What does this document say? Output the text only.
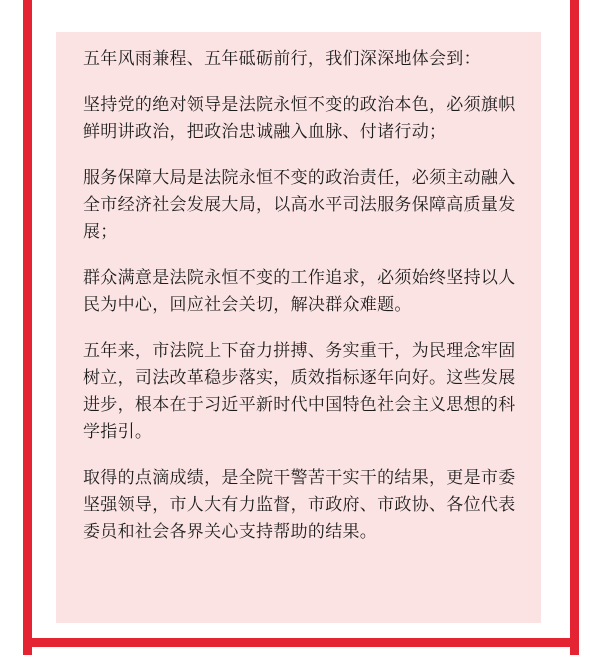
五年风雨兼程、五年砥砺前行，我们深深地体会到：

坚持党的绝对领导是法院永恒不变的政治本色，必须旗帜鲜明讲政治，把政治忠诚融入血脉、付诸行动；

服务保障大局是法院永恒不变的政治责任，必须主动融入全市经济社会发展大局，以高水平司法服务保障高质量发展；

群众满意是法院永恒不变的工作追求，必须始终坚持以人民为中心，回应社会关切，解决群众难题。

五年来，市法院上下奋力拼搏、务实重干，为民理念牢固树立，司法改革稳步落实，质效指标逐年向好。这些发展进步，根本在于习近平新时代中国特色社会主义思想的科学指引。

取得的点滴成绩，是全院干警苦干实干的结果，更是市委坚强领导，市人大有力监督，市政府、市政协、各位代表委员和社会各界关心支持帮助的结果。
